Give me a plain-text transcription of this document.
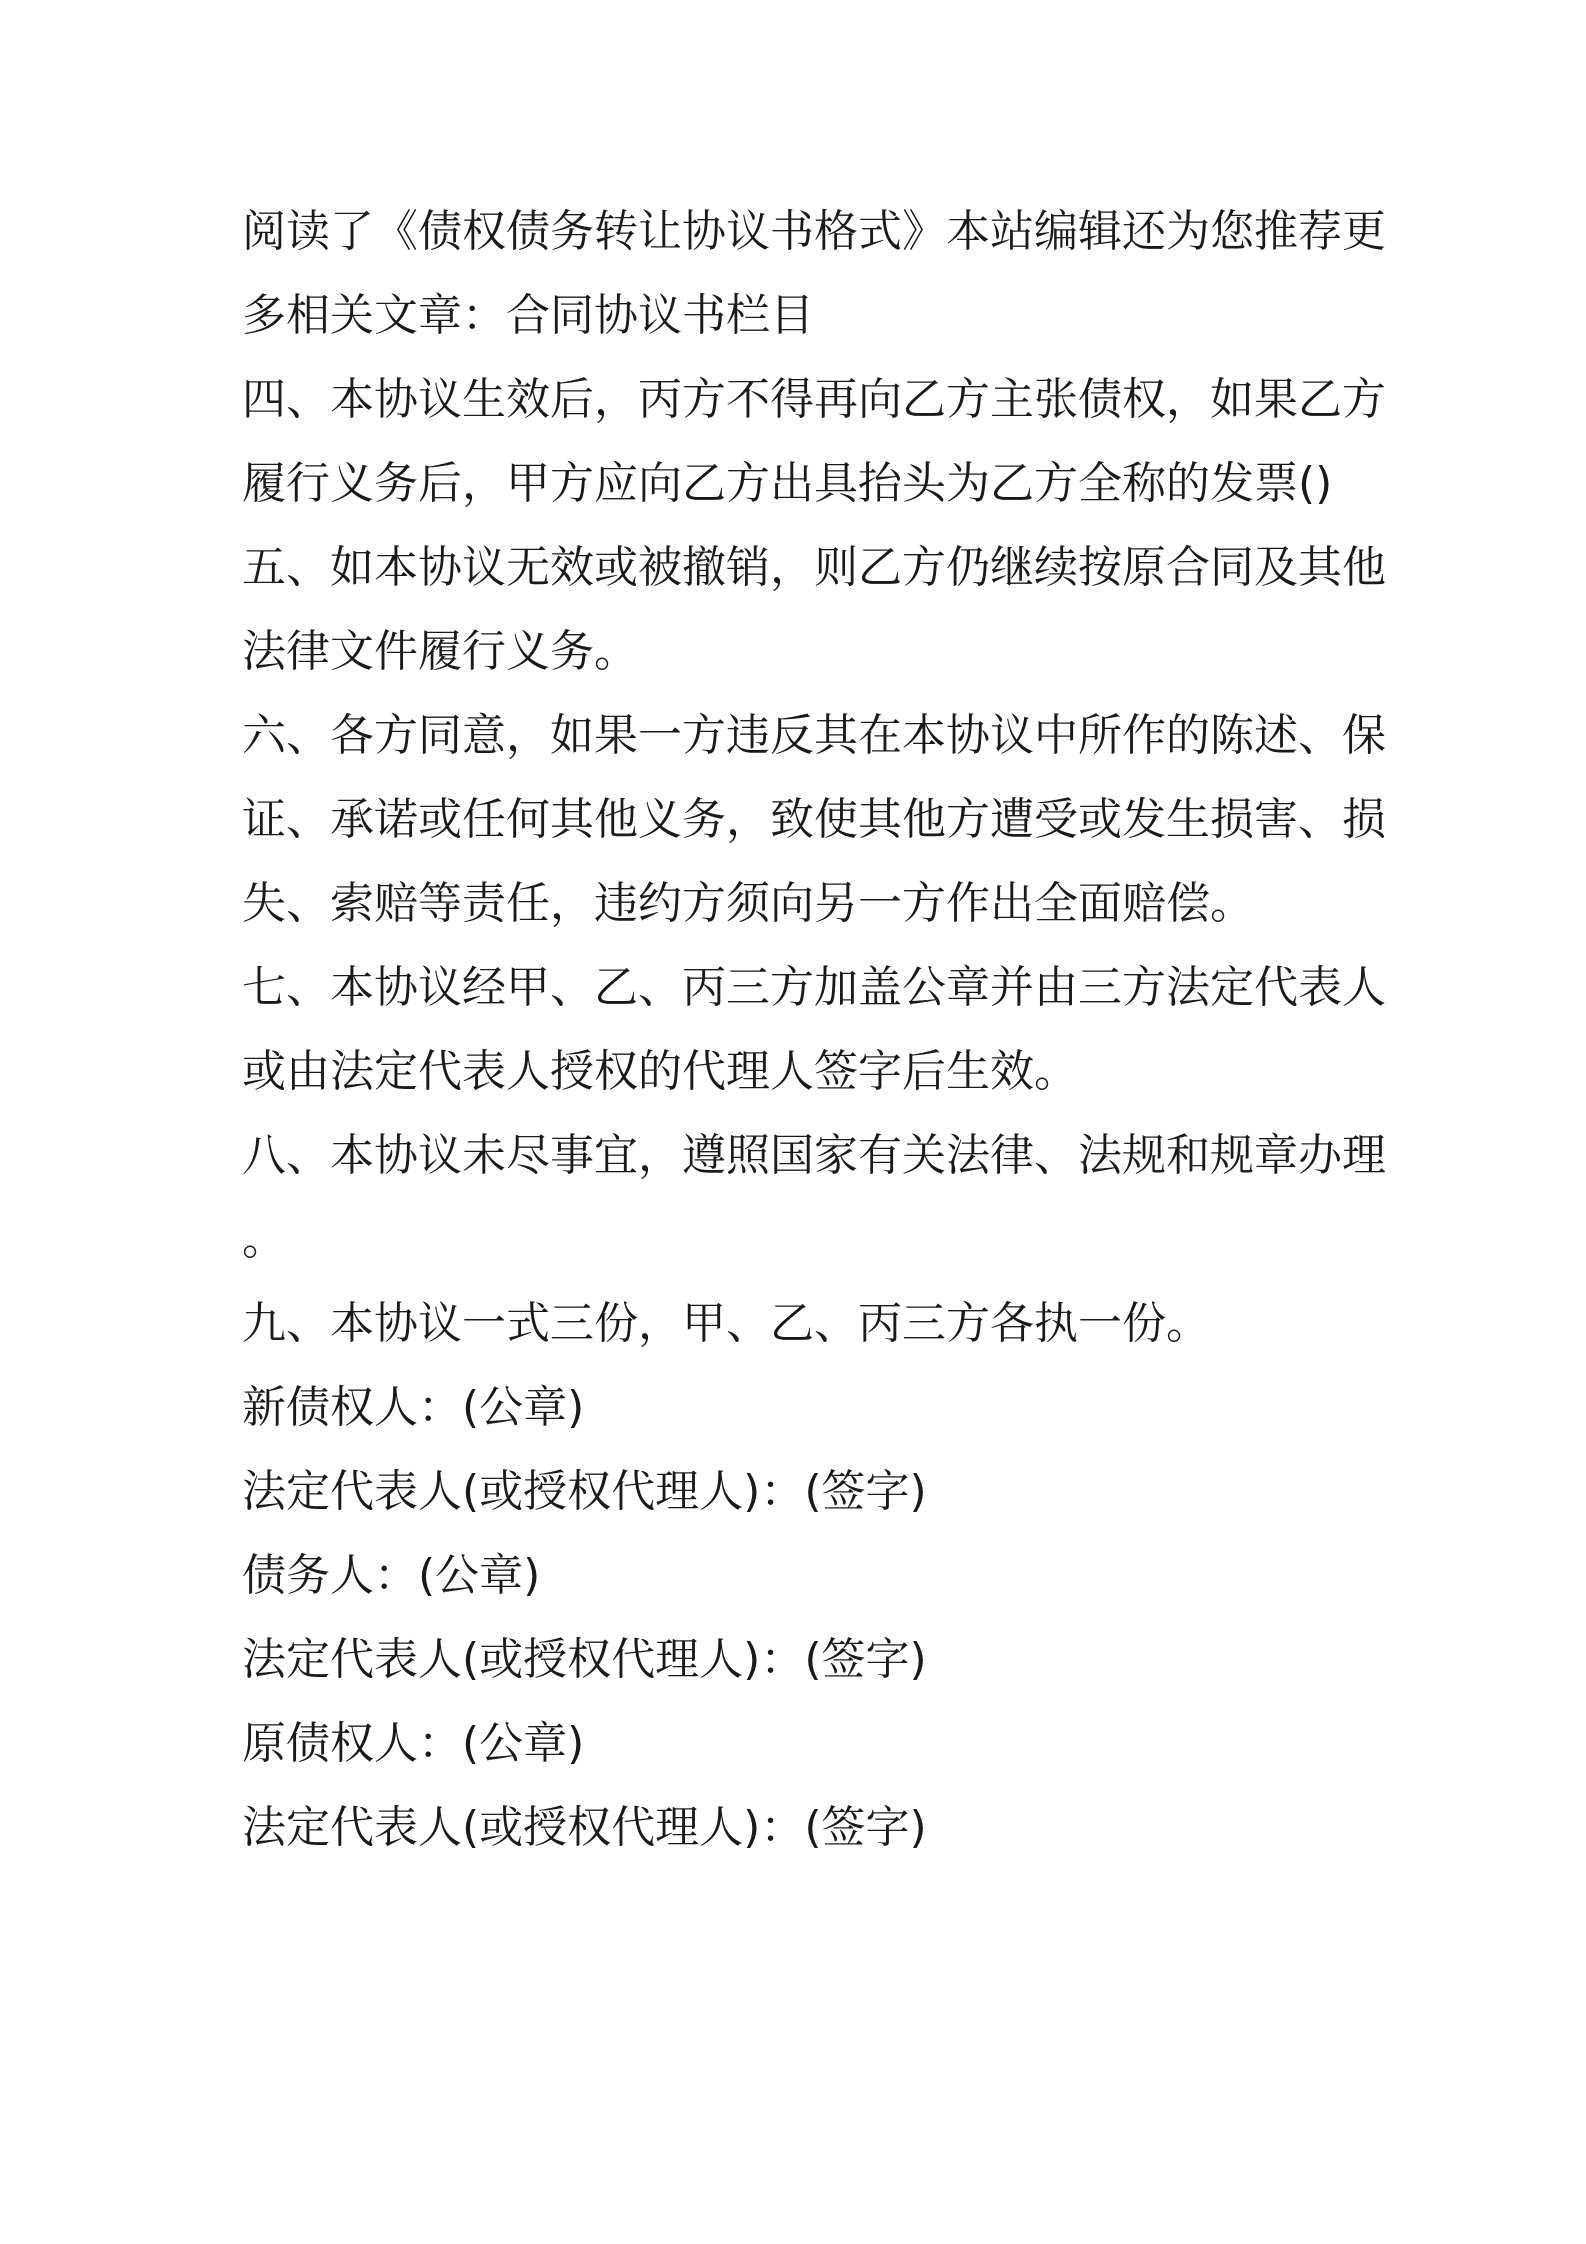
阅读了《债权债务转让协议书格式》本站编辑还为您推荐更

多相关文章：合同协议书栏目

四、本协议生效后，丙方不得再向乙方主张债权，如果乙方

履行义务后，甲方应向乙方出具抬头为乙方全称的发票()

五、如本协议无效或被撤销，则乙方仍继续按原合同及其他

法律文件履行义务。

六、各方同意，如果一方违反其在本协议中所作的陈述、保

证、承诺或任何其他义务，致使其他方遭受或发生损害、损

失、索赔等责任，违约方须向另一方作出全面赔偿。

七、本协议经甲、乙、丙三方加盖公章并由三方法定代表人

或由法定代表人授权的代理人签字后生效。

八、本协议未尽事宜，遵照国家有关法律、法规和规章办理

。

九、本协议一式三份，甲、乙、丙三方各执一份。

新债权人：(公章)

法定代表人(或授权代理人)：(签字)

债务人：(公章)

法定代表人(或授权代理人)：(签字)

原债权人：(公章)

法定代表人(或授权代理人)：(签字)
